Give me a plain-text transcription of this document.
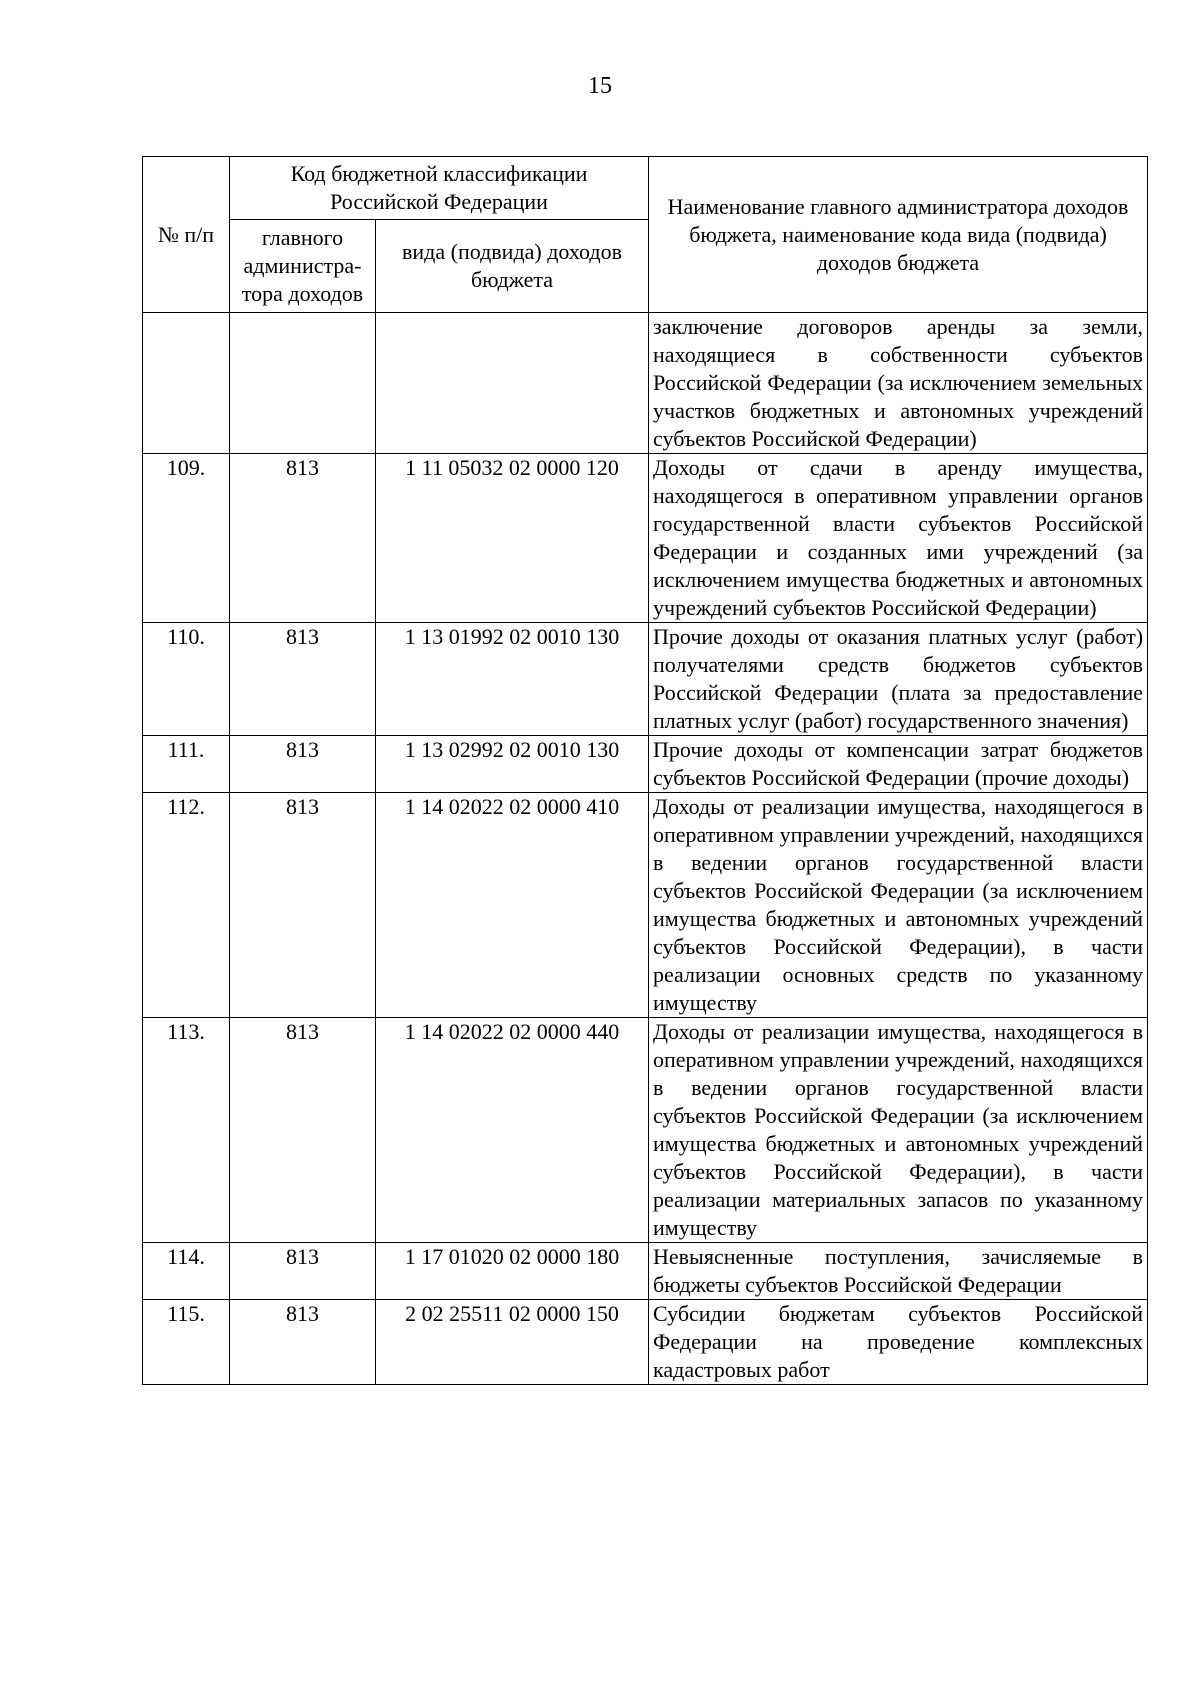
15
№ п/п	Код бюджетной классификации Российской Федерации		Наименование главного администратора доходов бюджета, наименование кода вида (подвида) доходов бюджета
	главного администра-тора доходов	вида (подвида) доходов бюджета	
			заключение договоров аренды за земли, находящиеся в собственности субъектов Российской Федерации (за исключением земельных участков бюджетных и автономных учреждений субъектов Российской Федерации)
109.	813	1 11 05032 02 0000 120	Доходы от сдачи в аренду имущества, находящегося в оперативном управлении органов государственной власти субъектов Российской Федерации и созданных ими учреждений (за исключением имущества бюджетных и автономных учреждений субъектов Российской Федерации)
110.	813	1 13 01992 02 0010 130	Прочие доходы от оказания платных услуг (работ) получателями средств бюджетов субъектов Российской Федерации (плата за предоставление платных услуг (работ) государственного значения)
111.	813	1 13 02992 02 0010 130	Прочие доходы от компенсации затрат бюджетов субъектов Российской Федерации (прочие доходы)
112.	813	1 14 02022 02 0000 410	Доходы от реализации имущества, находящегося в оперативном управлении учреждений, находящихся в ведении органов государственной власти субъектов Российской Федерации (за исключением имущества бюджетных и автономных учреждений субъектов Российской Федерации), в части реализации основных средств по указанному имуществу
113.	813	1 14 02022 02 0000 440	Доходы от реализации имущества, находящегося в оперативном управлении учреждений, находящихся в ведении органов государственной власти субъектов Российской Федерации (за исключением имущества бюджетных и автономных учреждений субъектов Российской Федерации), в части реализации материальных запасов по указанному имуществу
114.	813	1 17 01020 02 0000 180	Невыясненные поступления, зачисляемые в бюджеты субъектов Российской Федерации
115.	813	2 02 25511 02 0000 150	Субсидии бюджетам субъектов Российской Федерации на проведение комплексных кадастровых работ
